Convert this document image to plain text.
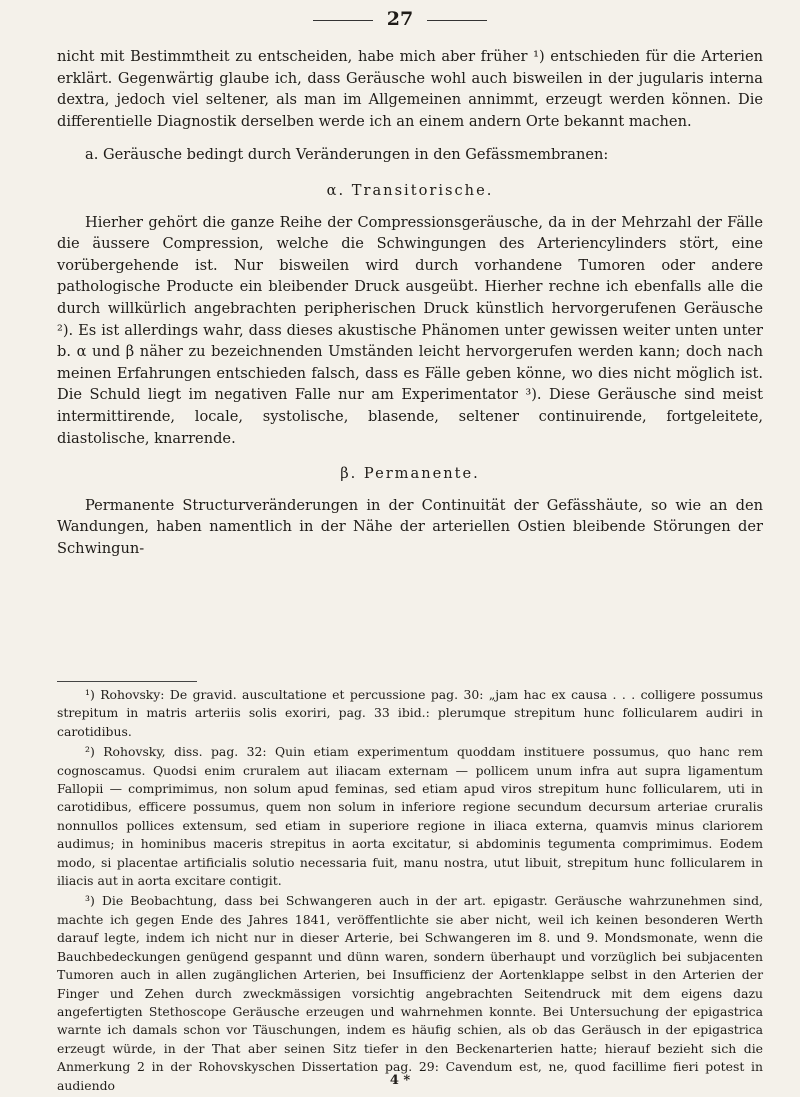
27

nicht mit Bestimmtheit zu entscheiden, habe mich aber früher ¹) entschieden für die Arterien erklärt. Gegenwärtig glaube ich, dass Geräusche wohl auch bisweilen in der jugularis interna dextra, jedoch viel seltener, als man im Allgemeinen annimmt, erzeugt werden können. Die differentielle Diagnostik derselben werde ich an einem andern Orte bekannt machen.

a. Geräusche bedingt durch Veränderungen in den Gefässmembranen:

α. Transitorische.

Hierher gehört die ganze Reihe der Compressionsgeräusche, da in der Mehrzahl der Fälle die äussere Compression, welche die Schwingungen des Arteriencylinders stört, eine vorübergehende ist. Nur bisweilen wird durch vorhandene Tumoren oder andere pathologische Producte ein bleibender Druck ausgeübt. Hierher rechne ich ebenfalls alle die durch willkürlich angebrachten peripherischen Druck künstlich hervorgerufenen Geräusche ²). Es ist allerdings wahr, dass dieses akustische Phänomen unter gewissen weiter unten unter b. α und β näher zu bezeichnenden Umständen leicht hervorgerufen werden kann; doch nach meinen Erfahrungen entschieden falsch, dass es Fälle geben könne, wo dies nicht möglich ist. Die Schuld liegt im negativen Falle nur am Experimentator ³). Diese Geräusche sind meist intermittirende, locale, systolische, blasende, seltener continuirende, fortgeleitete, diastolische, knarrende.

β. Permanente.

Permanente Structurveränderungen in der Continuität der Gefässhäute, so wie an den Wandungen, haben namentlich in der Nähe der arteriellen Ostien bleibende Störungen der Schwingun-

¹) Rohovsky: De gravid. auscultatione et percussione pag. 30: „jam hac ex causa . . . colligere possumus strepitum in matris arteriis solis exoriri, pag. 33 ibid.: plerumque strepitum hunc follicularem audiri in carotidibus.

²) Rohovsky, diss. pag. 32: Quin etiam experimentum quoddam instituere possumus, quo hanc rem cognoscamus. Quodsi enim cruralem aut iliacam externam — pollicem unum infra aut supra ligamentum Fallopii — comprimimus, non solum apud feminas, sed etiam apud viros strepitum hunc follicularem, uti in carotidibus, efficere possumus, quem non solum in inferiore regione secundum decursum arteriae cruralis nonnullos pollices extensum, sed etiam in superiore regione in iliaca externa, quamvis minus clariorem audimus; in hominibus maceris strepitus in aorta excitatur, si abdominis tegumenta comprimimus. Eodem modo, si placentae artificialis solutio necessaria fuit, manu nostra, utut libuit, strepitum hunc follicularem in iliacis aut in aorta excitare contigit.

³) Die Beobachtung, dass bei Schwangeren auch in der art. epigastr. Geräusche wahrzunehmen sind, machte ich gegen Ende des Jahres 1841, veröffentlichte sie aber nicht, weil ich keinen besonderen Werth darauf legte, indem ich nicht nur in dieser Arterie, bei Schwangeren im 8. und 9. Mondsmonate, wenn die Bauchbedeckungen genügend gespannt und dünn waren, sondern überhaupt und vorzüglich bei subjacenten Tumoren auch in allen zugänglichen Arterien, bei Insufficienz der Aortenklappe selbst in den Arterien der Finger und Zehen durch zweckmässigen vorsichtig angebrachten Seitendruck mit dem eigens dazu angefertigten Stethoscope Geräusche erzeugen und wahrnehmen konnte. Bei Untersuchung der epigastrica warnte ich damals schon vor Täuschungen, indem es häufig schien, als ob das Geräusch in der epigastrica erzeugt würde, in der That aber seinen Sitz tiefer in den Beckenarterien hatte; hierauf bezieht sich die Anmerkung 2 in der Rohovskyschen Dissertation pag. 29: Cavendum est, ne, quod facillime fieri potest in audiendo	4 *
